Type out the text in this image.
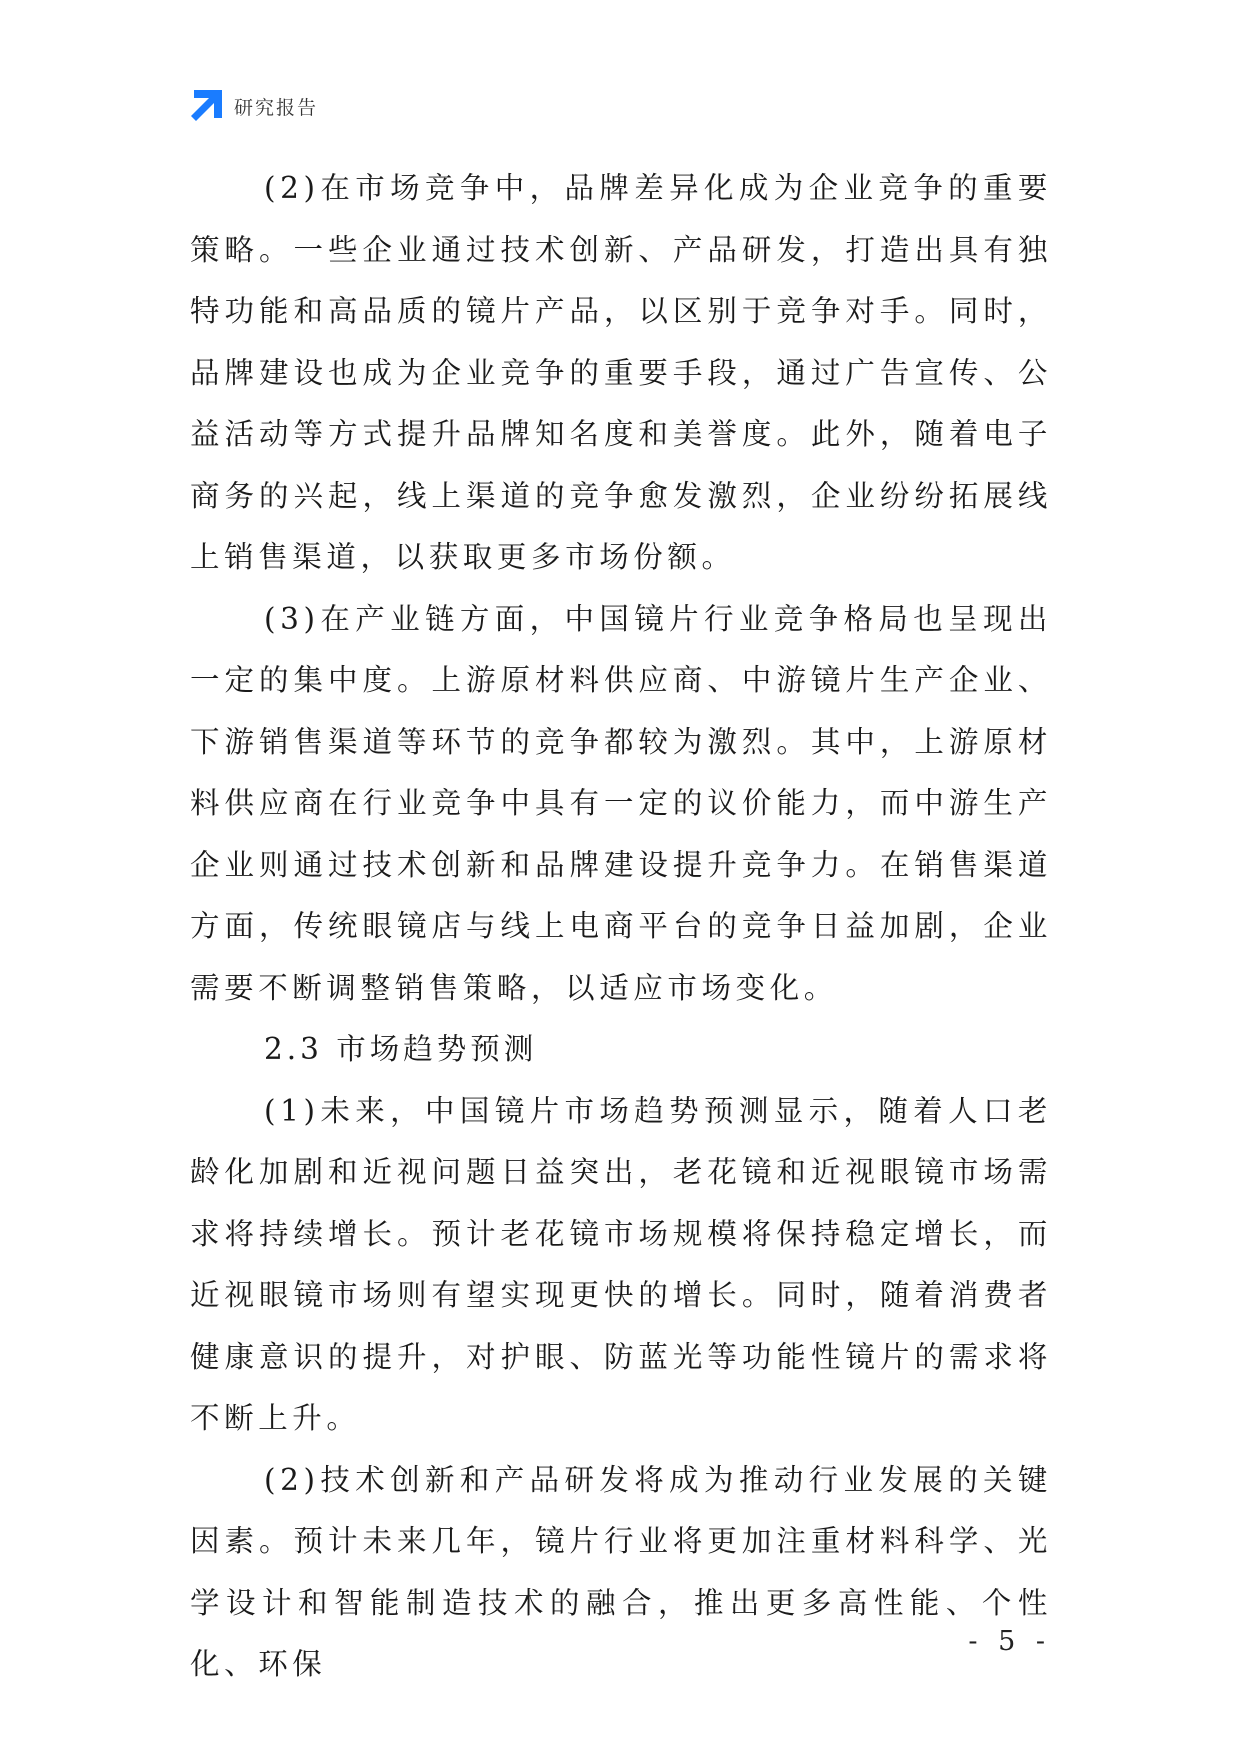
研究报告

(2)在市场竞争中，品牌差异化成为企业竞争的重要策略。一些企业通过技术创新、产品研发，打造出具有独特功能和高品质的镜片产品，以区别于竞争对手。同时，品牌建设也成为企业竞争的重要手段，通过广告宣传、公益活动等方式提升品牌知名度和美誉度。此外，随着电子商务的兴起，线上渠道的竞争愈发激烈，企业纷纷拓展线上销售渠道，以获取更多市场份额。

(3)在产业链方面，中国镜片行业竞争格局也呈现出一定的集中度。上游原材料供应商、中游镜片生产企业、下游销售渠道等环节的竞争都较为激烈。其中，上游原材料供应商在行业竞争中具有一定的议价能力，而中游生产企业则通过技术创新和品牌建设提升竞争力。在销售渠道方面，传统眼镜店与线上电商平台的竞争日益加剧，企业需要不断调整销售策略，以适应市场变化。

2.3 市场趋势预测

(1)未来，中国镜片市场趋势预测显示，随着人口老龄化加剧和近视问题日益突出，老花镜和近视眼镜市场需求将持续增长。预计老花镜市场规模将保持稳定增长，而近视眼镜市场则有望实现更快的增长。同时，随着消费者健康意识的提升，对护眼、防蓝光等功能性镜片的需求将不断上升。

(2)技术创新和产品研发将成为推动行业发展的关键因素。预计未来几年，镜片行业将更加注重材料科学、光学设计和智能制造技术的融合，推出更多高性能、个性化、环保

- 5 -
